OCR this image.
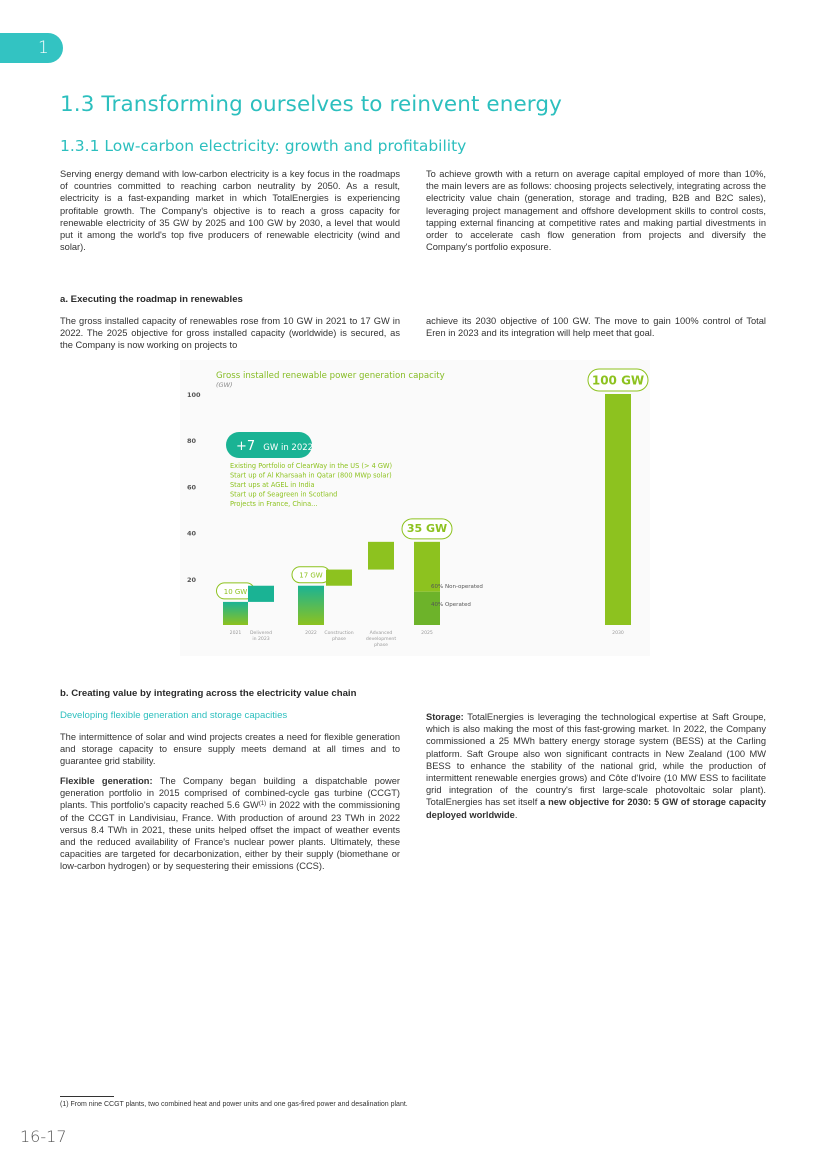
1
1.3 Transforming ourselves to reinvent energy
1.3.1 Low-carbon electricity: growth and profitability
Serving energy demand with low-carbon electricity is a key focus in the roadmaps of countries committed to reaching carbon neutrality by 2050. As a result, electricity is a fast-expanding market in which TotalEnergies is experiencing profitable growth. The Company's objective is to reach a gross capacity for renewable electricity of 35 GW by 2025 and 100 GW by 2030, a level that would put it among the world's top five producers of renewable electricity (wind and solar).
To achieve growth with a return on average capital employed of more than 10%, the main levers are as follows: choosing projects selectively, integrating across the electricity value chain (generation, storage and trading, B2B and B2C sales), leveraging project management and offshore development skills to control costs, tapping external financing at competitive rates and making partial divestments in order to accelerate cash flow generation from projects and diversify the Company's portfolio exposure.
a. Executing the roadmap in renewables
The gross installed capacity of renewables rose from 10 GW in 2021 to 17 GW in 2022. The 2025 objective for gross installed capacity (worldwide) is secured, as the Company is now working on projects to
achieve its 2030 objective of 100 GW. The move to gain 100% control of Total Eren in 2023 and its integration will help meet that goal.
Gross installed renewable power generation capacity
(GW)
20
40
60
80
100
10 GW
17 GW
35 GW
100 GW
2021 Delivered in 2023
2022 Construction phase
Advanced development phase
2025	2030
+7 GW in 2022
Existing Portfolio of ClearWay in the US (> 4 GW)
Start up of Al Kharsaah in Qatar (800 MWp solar)
Start ups at AGEL in India
Start up of Seagreen in Scotland
Projects in France, China...
60% Non-operated
40% Operated
b. Creating value by integrating across the electricity value chain
Developing flexible generation and storage capacities
The intermittence of solar and wind projects creates a need for flexible generation and storage capacity to ensure supply meets demand at all times and to guarantee grid stability.
Flexible generation: The Company began building a dispatchable power generation portfolio in 2015 comprised of combined-cycle gas turbine (CCGT) plants. This portfolio's capacity reached 5.6 GW$^{(1)}$ in 2022 with the commissioning of the CCGT in Landivisiau, France. With production of around 23 TWh in 2022 versus 8.4 TWh in 2021, these units helped offset the impact of weather events and the reduced availability of France's nuclear power plants. Ultimately, these capacities are targeted for decarbonization, either by their supply (biomethane or low-carbon hydrogen) or by sequestering their emissions (CCS).
Storage: TotalEnergies is leveraging the technological expertise at Saft Groupe, which is also making the most of this fast-growing market. In 2022, the Company commissioned a 25 MWh battery energy storage system (BESS) at the Carling platform. Saft Groupe also won significant contracts in New Zealand (100 MW BESS to enhance the stability of the national grid, while the production of intermittent renewable energies grows) and Côte d'Ivoire (10 MW ESS to facilitate grid integration of the country's first large-scale photovoltaic solar plant). TotalEnergies has set itself a new objective for 2030: 5 GW of storage capacity deployed worldwide.
(1) From nine CCGT plants, two combined heat and power units and one gas-fired power and desalination plant.
16-17
